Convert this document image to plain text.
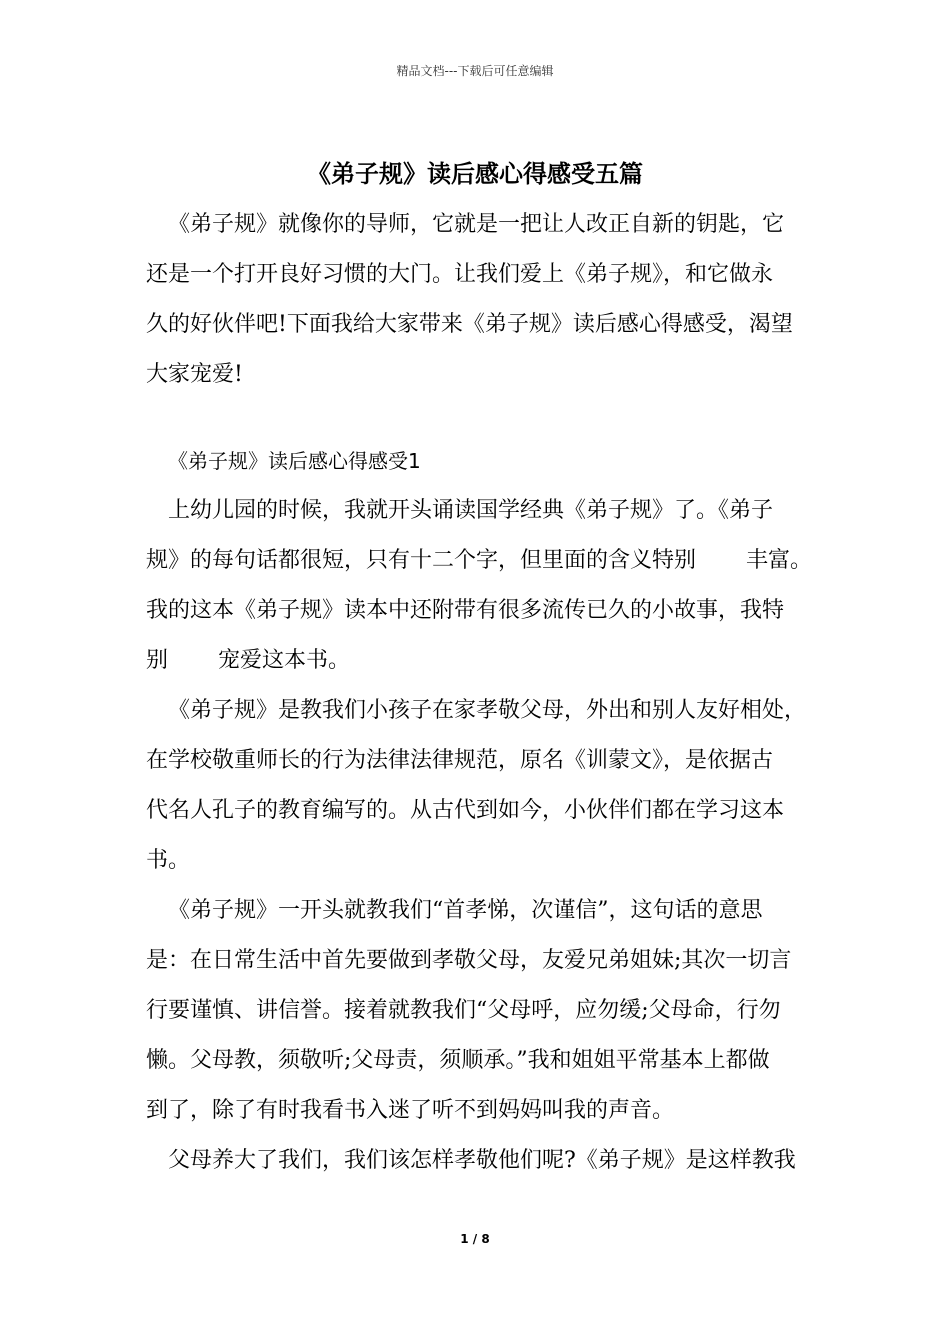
精品文档---下载后可任意编辑
《弟子规》读后感心得感受五篇
《弟子规》就像你的导师，它就是一把让人改正自新的钥匙，它
还是一个打开良好习惯的大门。让我们爱上《弟子规》，和它做永
久的好伙伴吧!下面我给大家带来《弟子规》读后感心得感受，渴望
大家宠爱!
《弟子规》读后感心得感受1
上幼儿园的时候，我就开头诵读国学经典《弟子规》了。《弟子
规》的每句话都很短，只有十二个字，但里面的含义特别 丰富。
我的这本《弟子规》读本中还附带有很多流传已久的小故事，我特
别 宠爱这本书。
《弟子规》是教我们小孩子在家孝敬父母，外出和别人友好相处，
在学校敬重师长的行为法律法律规范，原名《训蒙文》，是依据古
代名人孔子的教育编写的。从古代到如今，小伙伴们都在学习这本
书。
《弟子规》一开头就教我们“首孝悌，次谨信”，这句话的意思
是：在日常生活中首先要做到孝敬父母，友爱兄弟姐妹;其次一切言
行要谨慎、讲信誉。接着就教我们“父母呼，应勿缓;父母命，行勿
懒。父母教，须敬听;父母责，须顺承。”我和姐姐平常基本上都做
到了，除了有时我看书入迷了听不到妈妈叫我的声音。
父母养大了我们，我们该怎样孝敬他们呢?《弟子规》是这样教我
1 / 8
